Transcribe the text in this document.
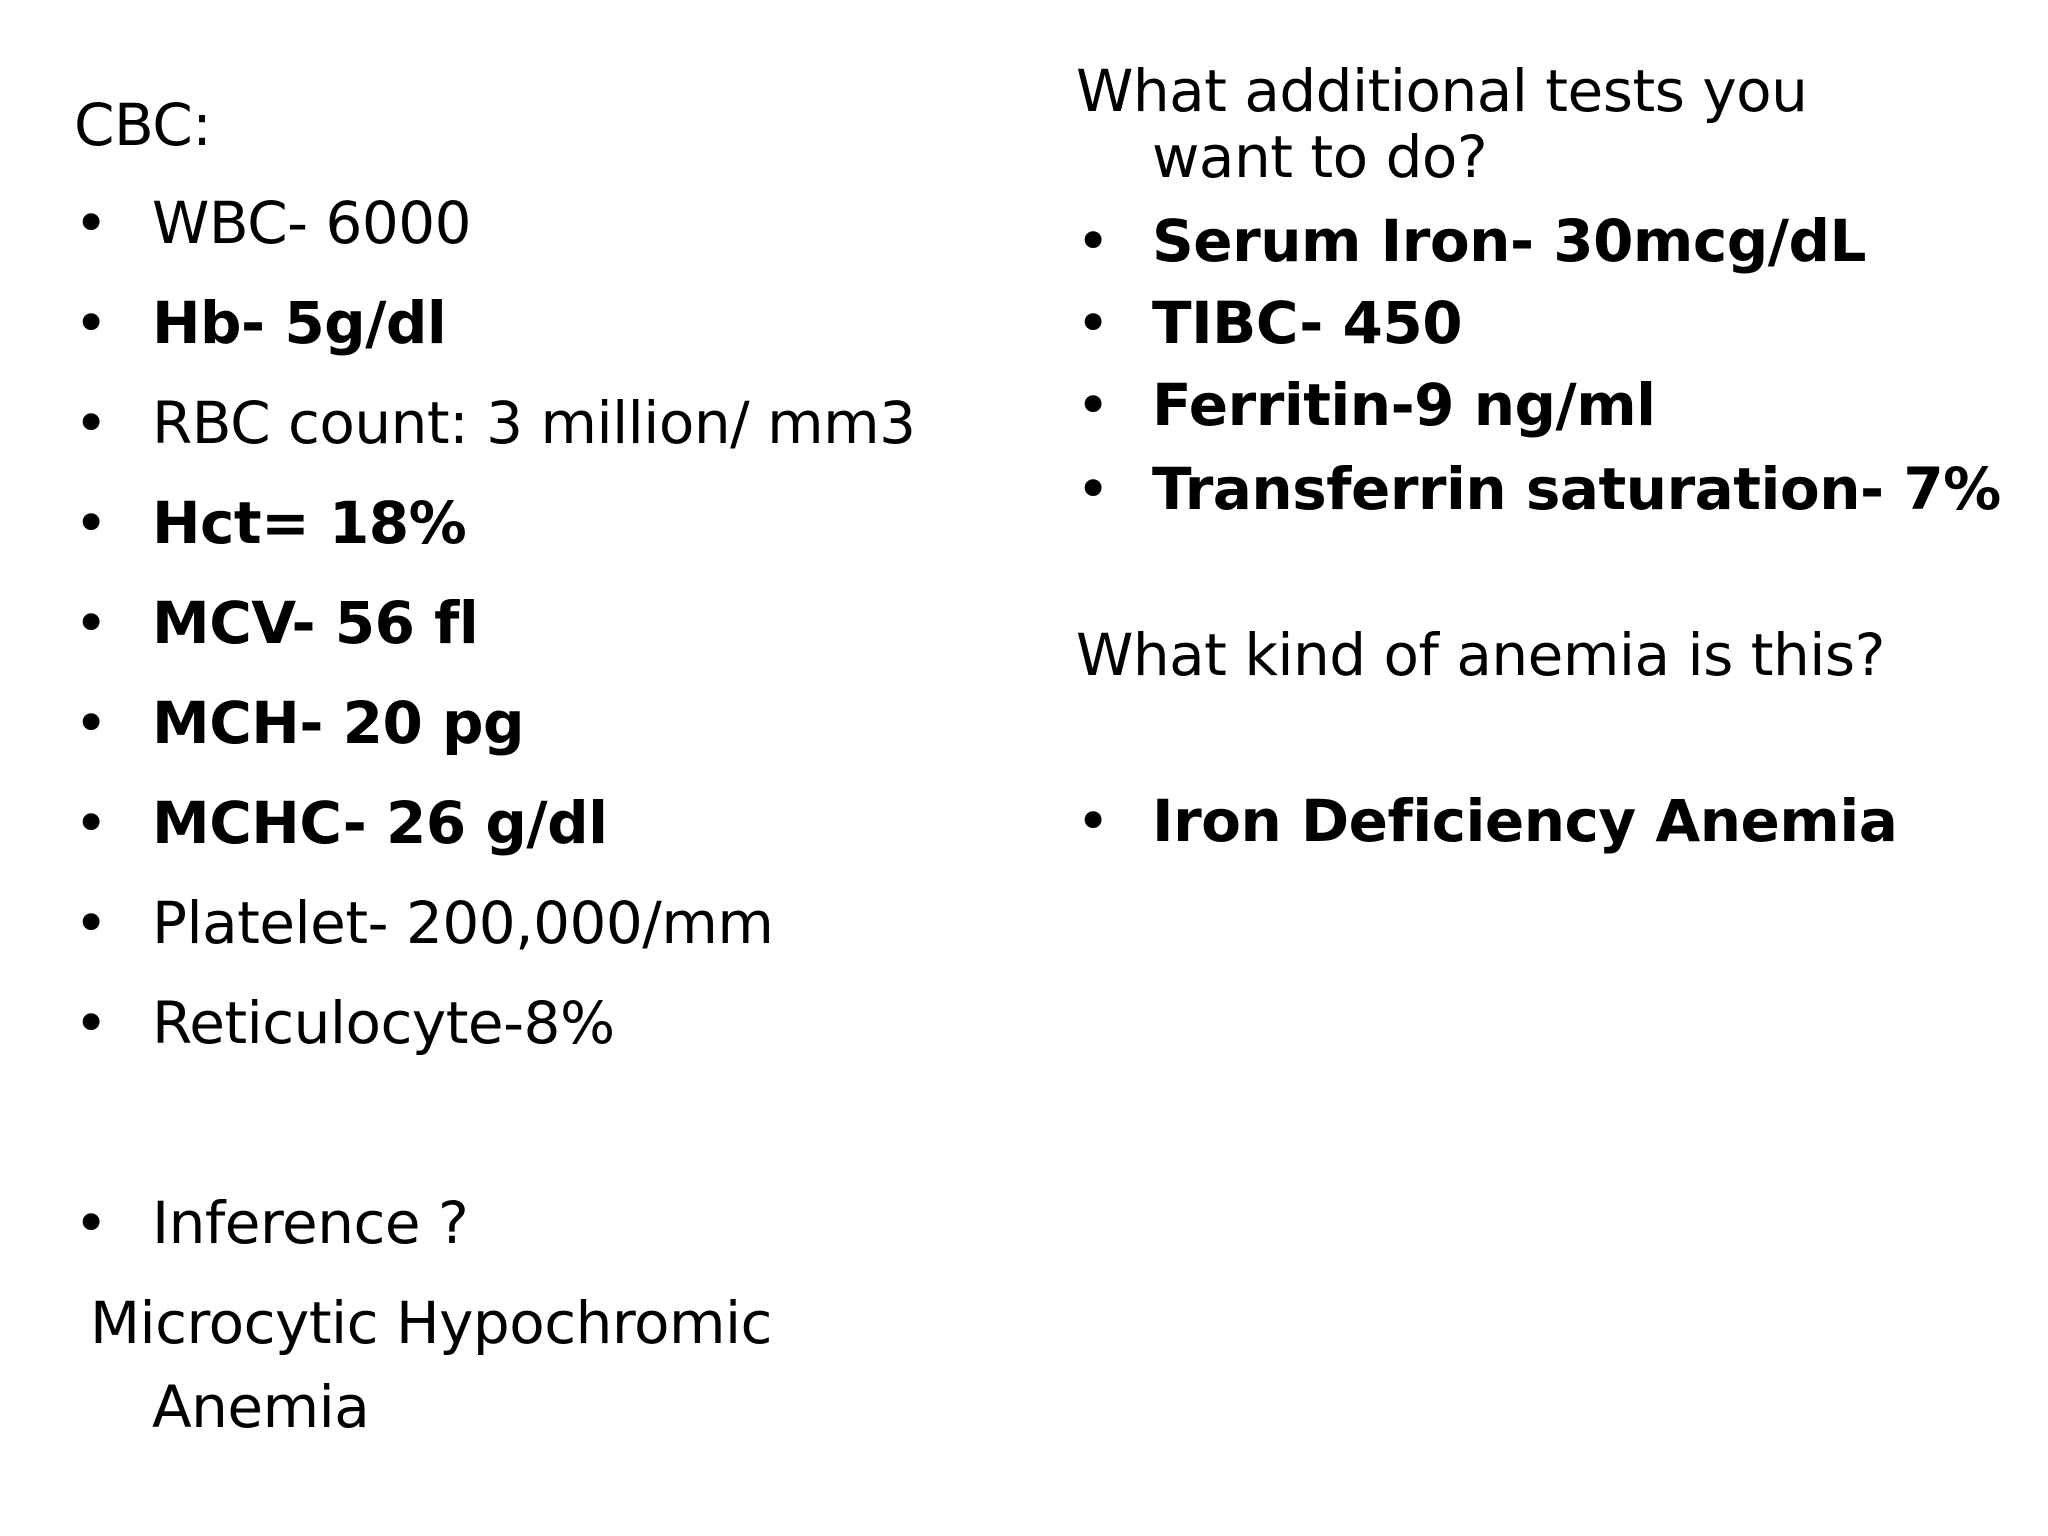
CBC:
• WBC- 6000
• Hb- 5g/dl
• RBC count: 3 million/ mm3
• Hct= 18%
• MCV- 56 fl
• MCH- 20 pg
• MCHC- 26 g/dl
• Platelet- 200,000/mm
• Reticulocyte-8%
• Inference ?
Microcytic Hypochromic
Anemia
What additional tests you
want to do?
• Serum Iron- 30mcg/dL
• TIBC- 450
• Ferritin-9 ng/ml
• Transferrin saturation- 7%
What kind of anemia is this?
• Iron Deficiency Anemia
